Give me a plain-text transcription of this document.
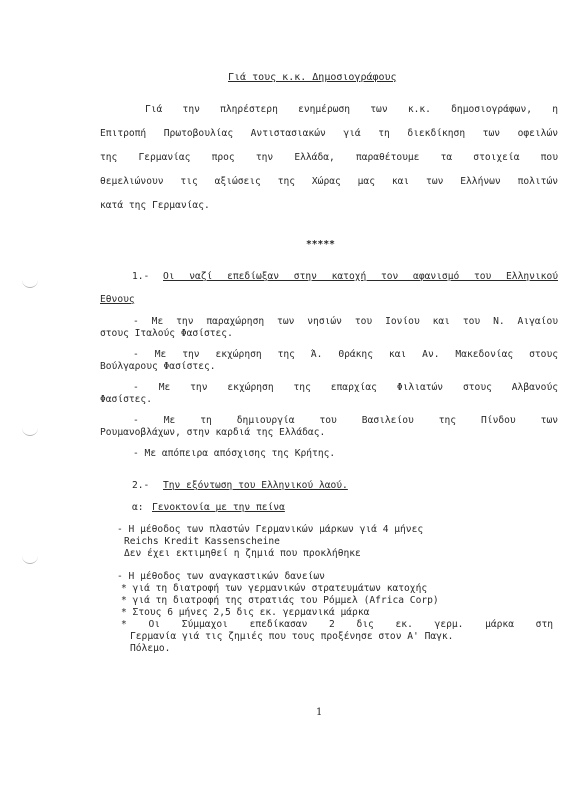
Γιά τους κ.κ. Δημοσιογράφους
Γιά την πληρέστερη ενημέρωση των κ.κ. δημοσιογράφων, η
Επιτροπή Πρωτοβουλίας Αντιστασιακών γιά τη διεκδίκηση των οφειλών
της Γερμανίας προς την Ελλάδα, παραθέτουμε τα στοιχεία που
θεμελιώνουν τις αξιώσεις της Χώρας μας και των Ελλήνων πολιτών
κατά της Γερμανίας.
*****
1.- Οι ναζί επεδίωξαν στην κατοχή τον αφανισμό του Ελληνικού
Εθνους
- Με την παραχώρηση των νησιών του Ιονίου και του Ν. Αιγαίου
στους Ιταλούς Φασίστες.
- Με την εκχώρηση της Ά. Θράκης και Αν. Μακεδονίας στους
Βούλγαρους Φασίστες.
- Με την εκχώρηση της επαρχίας Φιλιατών στους Αλβανούς
Φασίστες.
- Με τη δημιουργία του Βασιλείου της Πίνδου των
Ρουμανοβλάχων, στην καρδιά της Ελλάδας.
- Με απόπειρα απόσχισης της Κρήτης.
2.- Την εξόντωση του Ελληνικού λαού.
α: Γενοκτονία με την πείνα
- Η μέθοδος των πλαστών Γερμανικών μάρκων γιά 4 μήνες
Reichs Kredit Kassenscheine
Δεν έχει εκτιμηθεί η ζημιά που προκλήθηκε
- Η μέθοδος των αναγκαστικών δανείων
* γιά τη διατροφή των γερμανικών στρατευμάτων κατοχής
* γιά τη διατροφή της στρατιάς του Ρόμμελ (Africa Corp)
* Στους 6 μήνες 2,5 δις εκ. γερμανικά μάρκα
* Οι Σύμμαχοι επεδίκασαν 2 δις εκ. γερμ. μάρκα στη
Γερμανία γιά τις ζημιές που τους προξένησε στον Α' Παγκ.
Πόλεμο.
1
